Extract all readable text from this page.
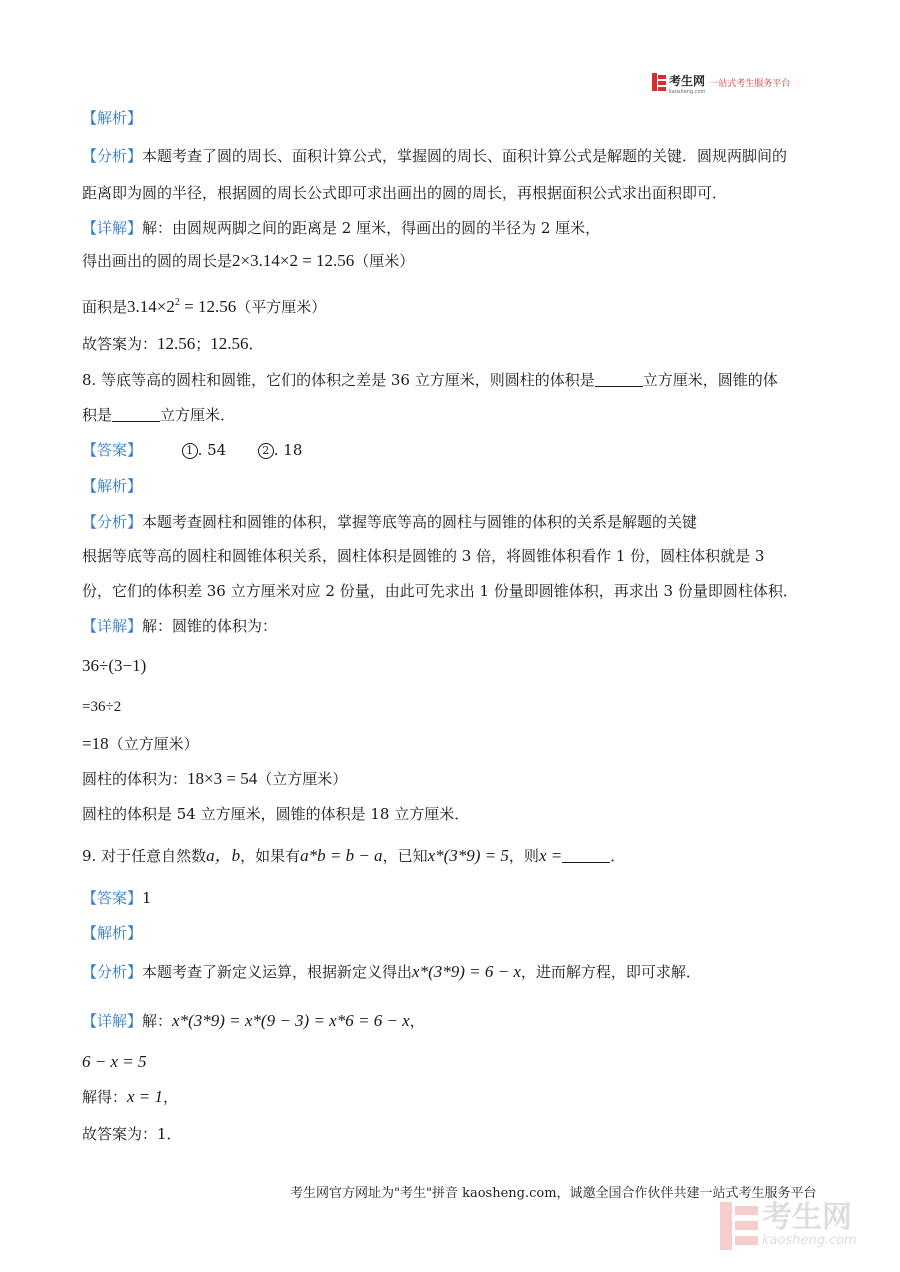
考生网
kaosheng.com
一站式考生服务平台
【解析】
【分析】本题考查了圆的周长、面积计算公式，掌握圆的周长、面积计算公式是解题的关键．圆规两脚间的
距离即为圆的半径，根据圆的周长公式即可求出画出的圆的周长，再根据面积公式求出面积即可．
【详解】解：由圆规两脚之间的距离是 2 厘米，得画出的圆的半径为 2 厘米，
得出画出的圆的周长是2×3.14×2 = 12.56（厘米）
面积是$3.14\times 2^2 = 12.56$（平方厘米）
故答案为：12.56；12.56．
8. 等底等高的圆柱和圆锥，它们的体积之差是 36 立方厘米，则圆柱的体积是	立方厘米，圆锥的体
积是	立方厘米．
【答案】	1 . 54	2 . 18
【解析】
【分析】本题考查圆柱和圆锥的体积，掌握等底等高的圆柱与圆锥的体积的关系是解题的关键
根据等底等高的圆柱和圆锥体积关系，圆柱体积是圆锥的 3 倍，将圆锥体积看作 1 份，圆柱体积就是 3
份，它们的体积差 36 立方厘米对应 2 份量，由此可先求出 1 份量即圆锥体积，再求出 3 份量即圆柱体积．
【详解】解：圆锥的体积为：
36÷(3−1)
=36÷2
=18（立方厘米）
圆柱的体积为：18×3 = 54（立方厘米）
圆柱的体积是 54 立方厘米，圆锥的体积是 18 立方厘米．
9. 对于任意自然数a，b，如果有a*b = b − a，已知x*(3*9) = 5，则x =	．
【答案】1
【解析】
【分析】本题考查了新定义运算，根据新定义得出x*(3*9) = 6 − x，进而解方程，即可求解．
【详解】解：x*(3*9) = x*(9 − 3) = x*6 = 6 − x，
6 − x = 5
解得：x = 1，
故答案为：1．
考生网官方网址为"考生"拼音 kaosheng.com，诚邀全国合作伙伴共建一站式考生服务平台
考生网
kaosheng.com
